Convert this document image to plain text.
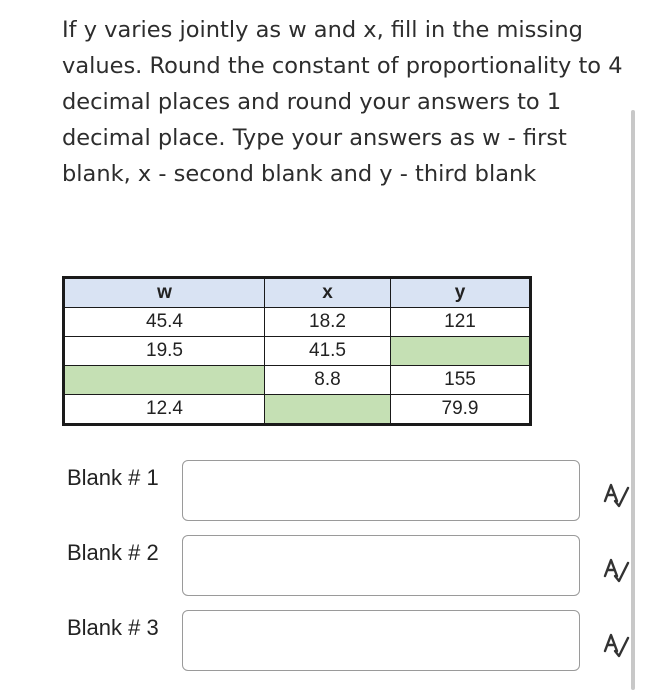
If y varies jointly as w and x, fill in the missing values. Round the constant of proportionality to 4 decimal places and round your answers to 1 decimal place. Type your answers as w - first blank, x - second blank and y - third blank

w	x	y
45.4	18.2	121
19.5	41.5	
	8.8	155
12.4		79.9
Blank # 1
Blank # 2
Blank # 3
